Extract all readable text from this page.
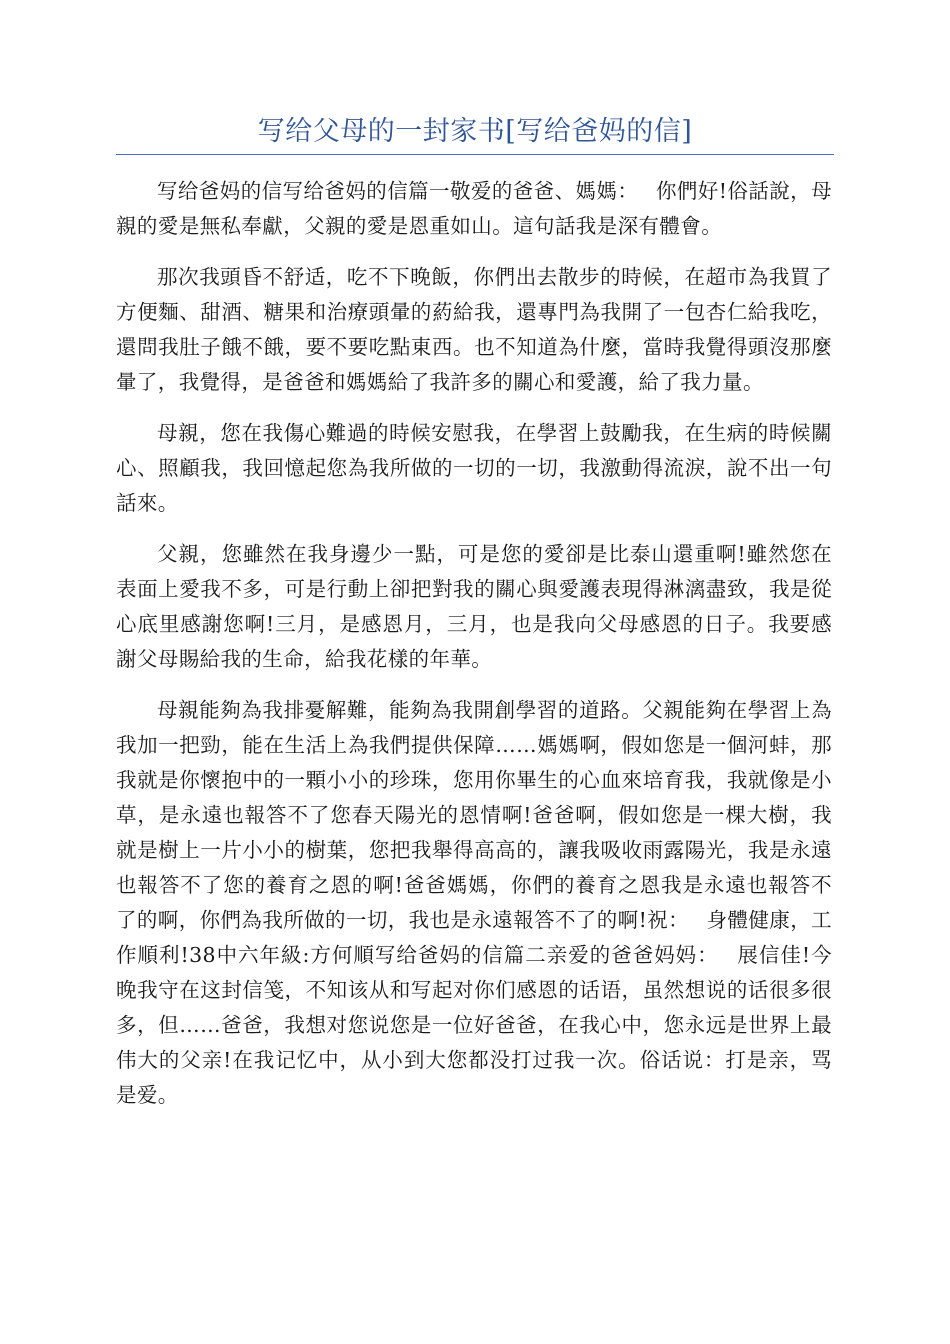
写给父母的一封家书[写给爸妈的信]

写给爸妈的信写给爸妈的信篇一敬爱的爸爸、媽媽：　 你們好!俗話說，母親的愛是無私奉獻，父親的愛是恩重如山。這句話我是深有體會。

那次我頭昏不舒适，吃不下晚飯，你們出去散步的時候，在超市為我買了方便麵、甜酒、糖果和治療頭暈的葯給我，還專門為我開了一包杏仁給我吃，還問我肚子餓不餓，要不要吃點東西。也不知道為什麼，當時我覺得頭沒那麼暈了，我覺得，是爸爸和媽媽給了我許多的關心和愛護，給了我力量。

母親，您在我傷心難過的時候安慰我，在學習上鼓勵我，在生病的時候關心、照顧我，我回憶起您為我所做的一切的一切，我激動得流淚，說不出一句話來。

父親，您雖然在我身邊少一點，可是您的愛卻是比泰山還重啊!雖然您在表面上愛我不多，可是行動上卻把對我的關心與愛護表現得淋漓盡致，我是從心底里感謝您啊!三月，是感恩月，三月，也是我向父母感恩的日子。我要感謝父母賜給我的生命，給我花樣的年華。

母親能夠為我排憂解難，能夠為我開創學習的道路。父親能夠在學習上為我加一把勁，能在生活上為我們提供保障……媽媽啊，假如您是一個河蚌，那我就是你懷抱中的一顆小小的珍珠，您用你畢生的心血來培育我，我就像是小草，是永遠也報答不了您春天陽光的恩情啊!爸爸啊，假如您是一棵大樹，我就是樹上一片小小的樹葉，您把我舉得高高的，讓我吸收雨露陽光，我是永遠也報答不了您的養育之恩的啊!爸爸媽媽，你們的養育之恩我是永遠也報答不了的啊，你們為我所做的一切，我也是永遠報答不了的啊!祝：　 身體健康，工作順利!38中六年級:方何順写给爸妈的信篇二亲爱的爸爸妈妈：　 展信佳!今晚我守在这封信笺，不知该从和写起对你们感恩的话语，虽然想说的话很多很多，但……爸爸，我想对您说您是一位好爸爸，在我心中，您永远是世界上最伟大的父亲!在我记忆中，从小到大您都没打过我一次。俗话说：打是亲，骂是爱。
